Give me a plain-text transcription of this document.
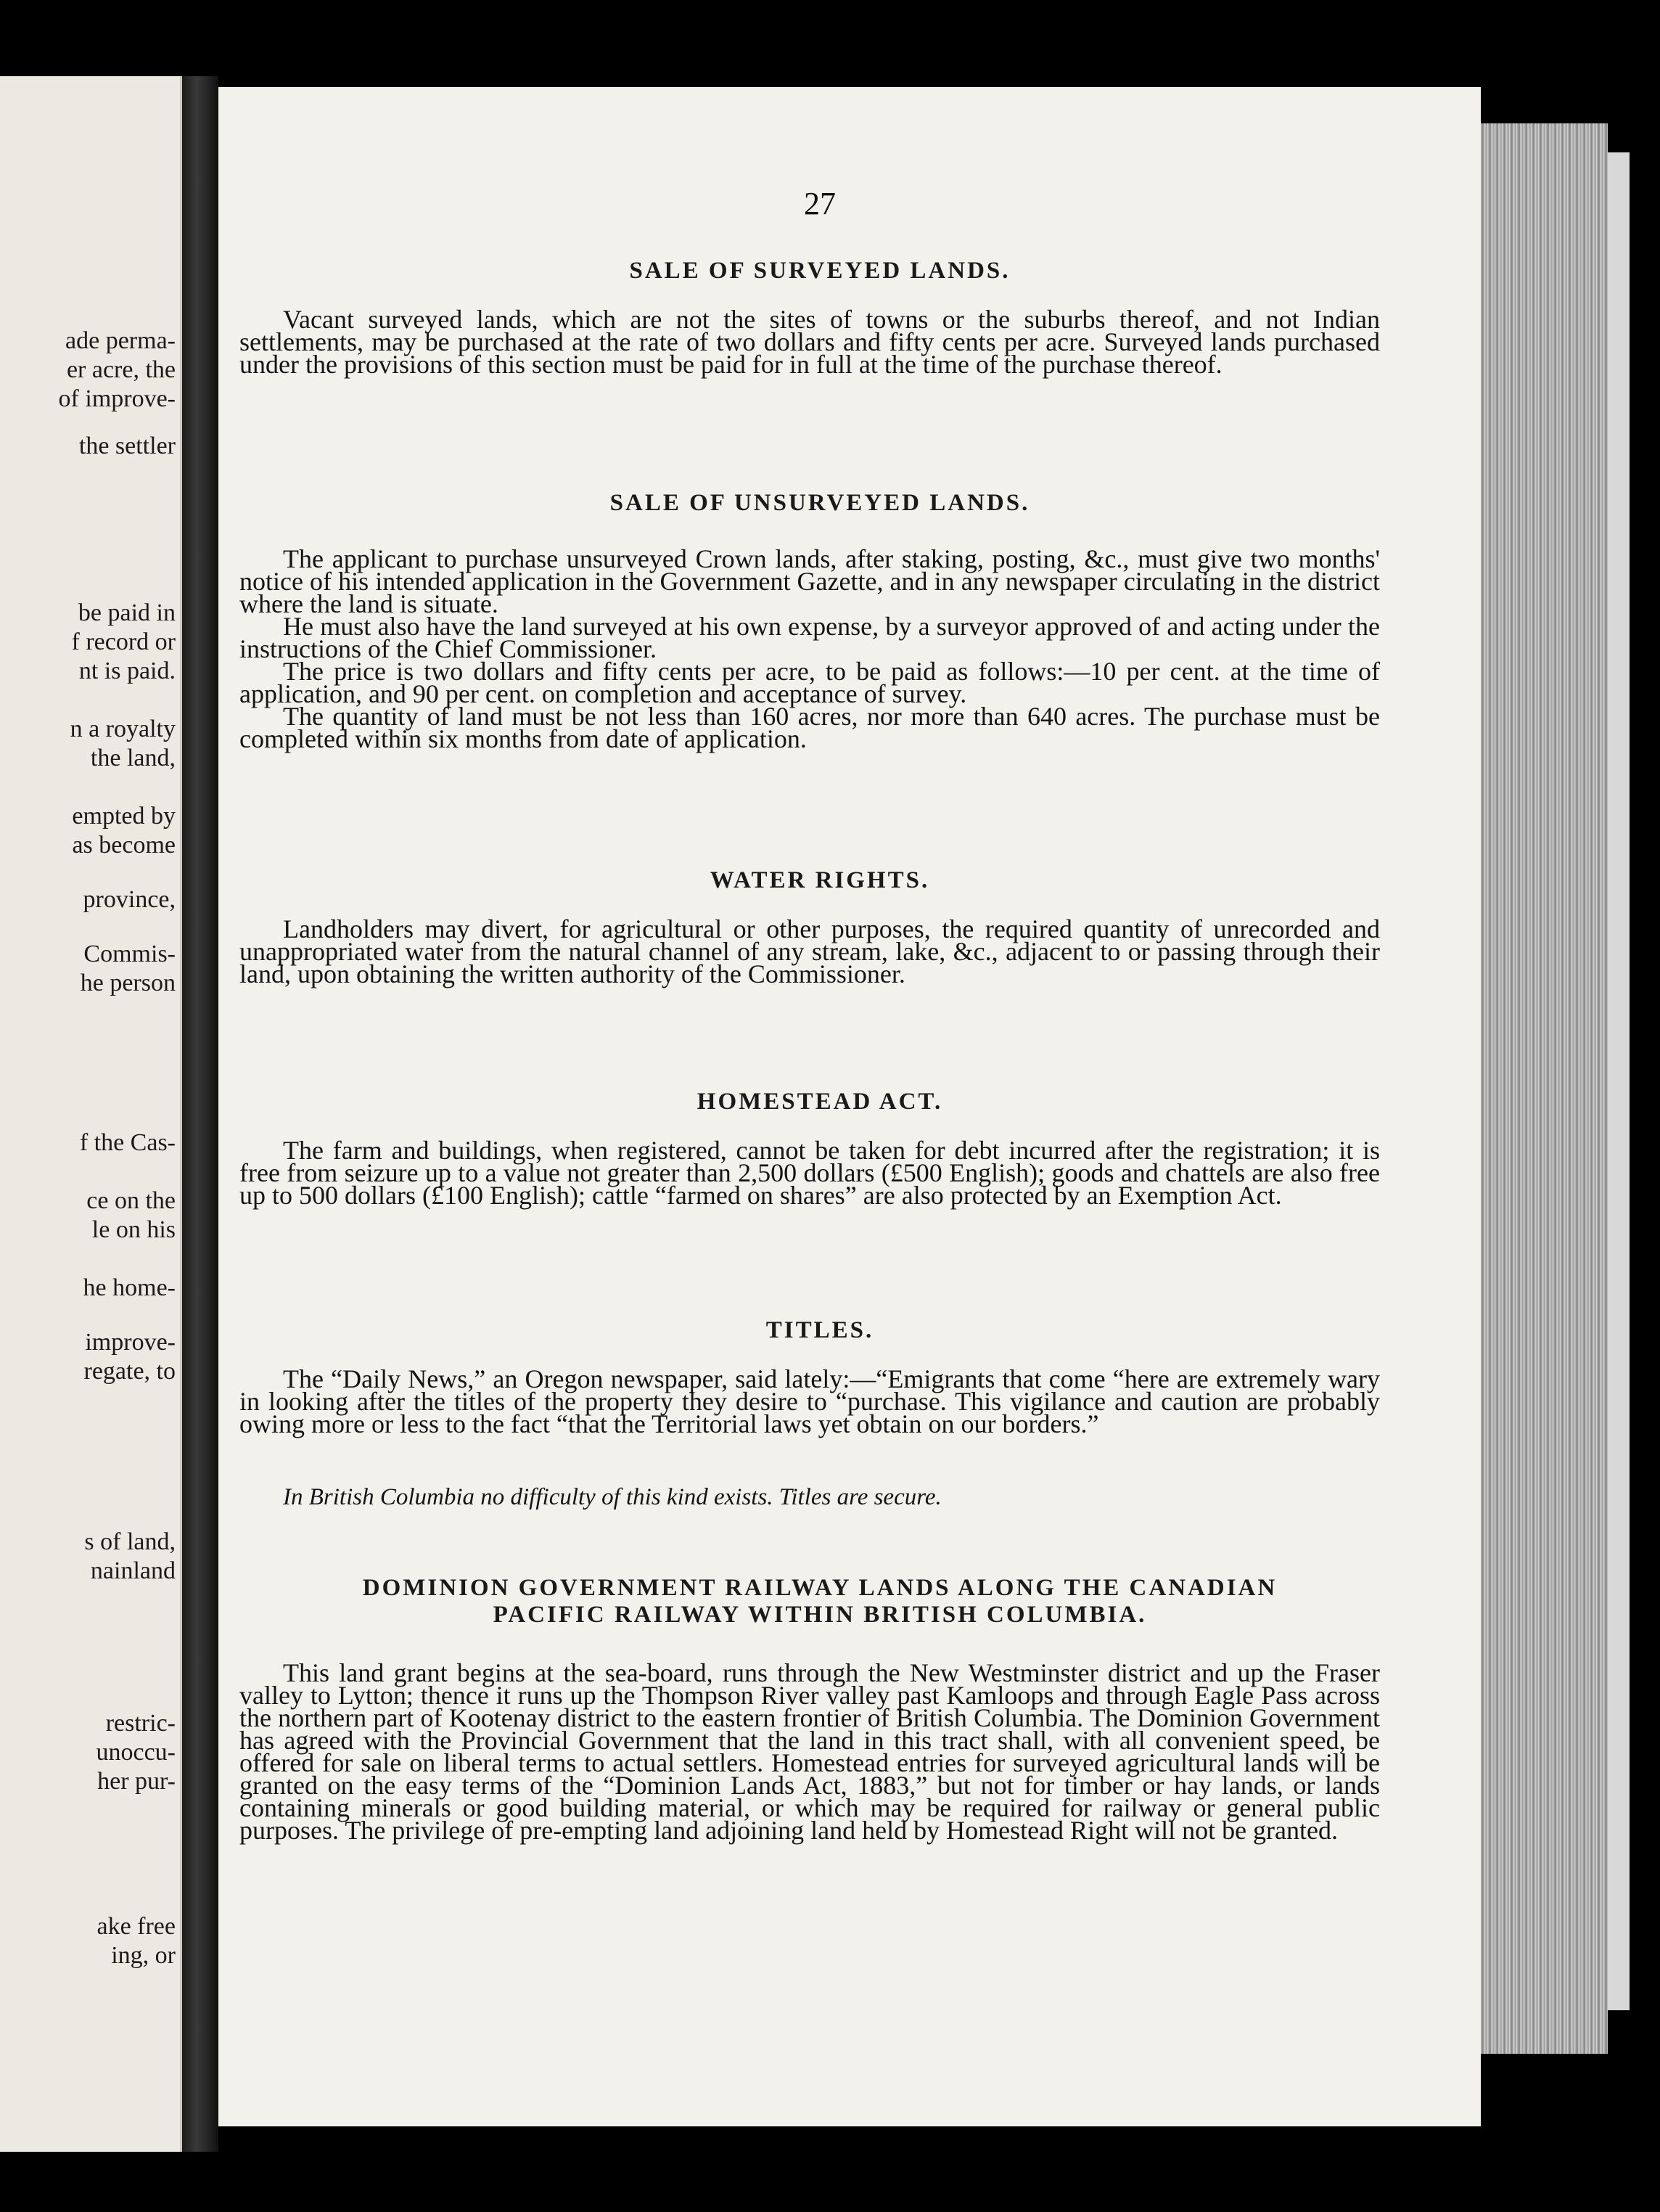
ade perma-
er acre, the
of improve-
the settler
be paid in
f record or
nt is paid.
n a royalty
the land,
empted by
as become
province,
Commis-
he person
f the Cas-
ce on the
le on his
he home-
improve-
regate, to
s of land,
nainland
restric-
unoccu-
her pur-
ake free
ing, or
27
SALE OF SURVEYED LANDS.

Vacant surveyed lands, which are not the sites of towns or the suburbs thereof, and not Indian settlements, may be purchased at the rate of two dollars and fifty cents per acre. Surveyed lands purchased under the provisions of this section must be paid for in full at the time of the purchase thereof.

SALE OF UNSURVEYED LANDS.

The applicant to purchase unsurveyed Crown lands, after staking, posting, &c., must give two months' notice of his intended application in the Government Gazette, and in any newspaper circulating in the district where the land is situate.

He must also have the land surveyed at his own expense, by a surveyor approved of and acting under the instructions of the Chief Commissioner.

The price is two dollars and fifty cents per acre, to be paid as follows:—10 per cent. at the time of application, and 90 per cent. on completion and acceptance of survey.

The quantity of land must be not less than 160 acres, nor more than 640 acres. The purchase must be completed within six months from date of application.

WATER RIGHTS.

Landholders may divert, for agricultural or other purposes, the required quantity of unrecorded and unappropriated water from the natural channel of any stream, lake, &c., adjacent to or passing through their land, upon obtaining the written authority of the Commissioner.

HOMESTEAD ACT.

The farm and buildings, when registered, cannot be taken for debt incurred after the registration; it is free from seizure up to a value not greater than 2,500 dollars (£500 English); goods and chattels are also free up to 500 dollars (£100 English); cattle “farmed on shares” are also protected by an Exemption Act.

TITLES.

The “Daily News,” an Oregon newspaper, said lately:—“Emigrants that come “here are extremely wary in looking after the titles of the property they desire to “purchase. This vigilance and caution are probably owing more or less to the fact “that the Territorial laws yet obtain on our borders.”

In British Columbia no difficulty of this kind exists. Titles are secure.
DOMINION GOVERNMENT RAILWAY LANDS ALONG THE CANADIAN
PACIFIC RAILWAY WITHIN BRITISH COLUMBIA.

This land grant begins at the sea-board, runs through the New Westminster district and up the Fraser valley to Lytton; thence it runs up the Thompson River valley past Kamloops and through Eagle Pass across the northern part of Kootenay district to the eastern frontier of British Columbia. The Dominion Government has agreed with the Provincial Government that the land in this tract shall, with all convenient speed, be offered for sale on liberal terms to actual settlers. Homestead entries for surveyed agricultural lands will be granted on the easy terms of the “Dominion Lands Act, 1883,” but not for timber or hay lands, or lands containing minerals or good building material, or which may be required for railway or general public purposes. The privilege of pre-empting land adjoining land held by Homestead Right will not be granted.
